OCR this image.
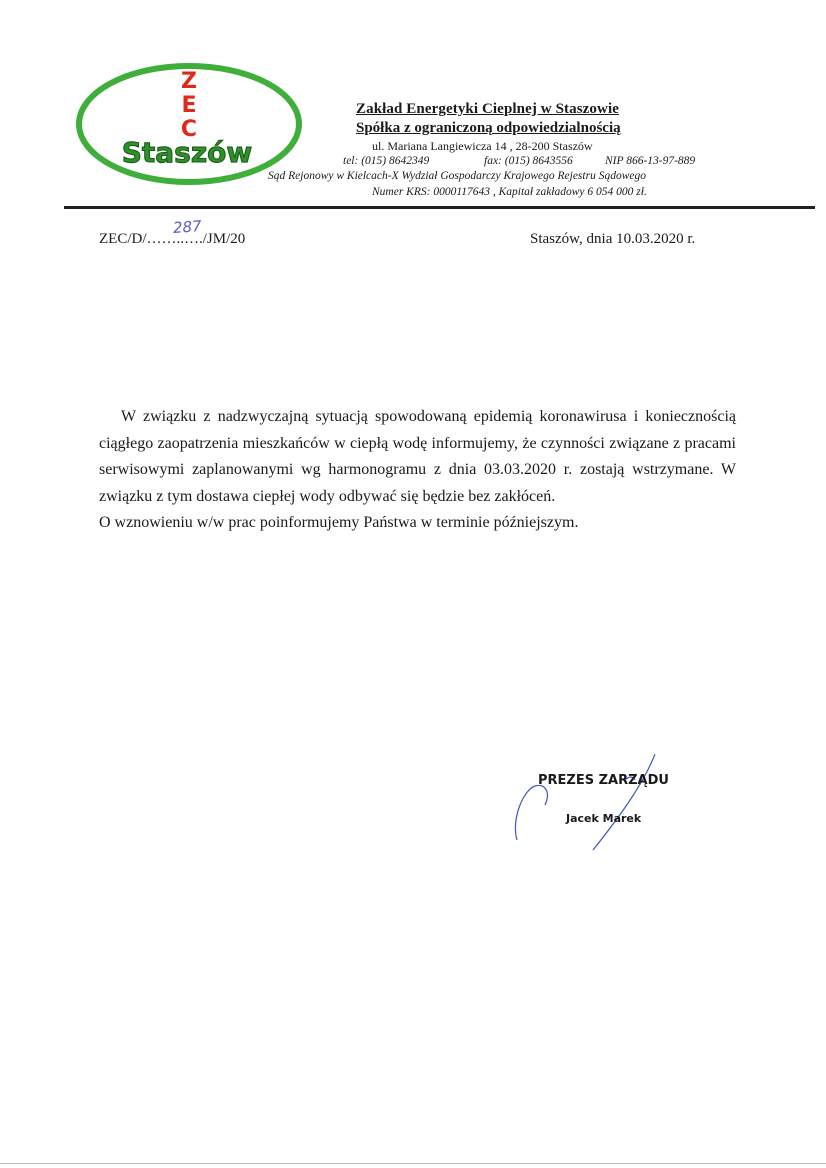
Z
E
C
Staszów
Zakład Energetyki Cieplnej w Staszowie
Spółka z ograniczoną odpowiedzialnością
ul. Mariana Langiewicza 14 , 28-200 Staszów
tel: (015) 8642349	fax: (015) 8643556	NIP 866-13-97-889
Sąd Rejonowy w Kielcach-X Wydział Gospodarczy Krajowego Rejestru Sądowego
Numer KRS: 0000117643 , Kapitał zakładowy 6 054 000 zł.
ZEC/D/……..…./JM/20
287
Staszów, dnia 10.03.2020 r.

W związku z nadzwyczajną sytuacją spowodowaną epidemią koronawirusa i koniecznością ciągłego zaopatrzenia mieszkańców w ciepłą wodę informujemy, że czynności związane z pracami serwisowymi zaplanowanymi wg harmonogramu z dnia 03.03.2020 r. zostają wstrzymane. W związku z tym dostawa ciepłej wody odbywać się będzie bez zakłóceń.

O wznowieniu w/w prac poinformujemy Państwa w terminie późniejszym.

PREZES ZARZĄDU
Jacek Marek
